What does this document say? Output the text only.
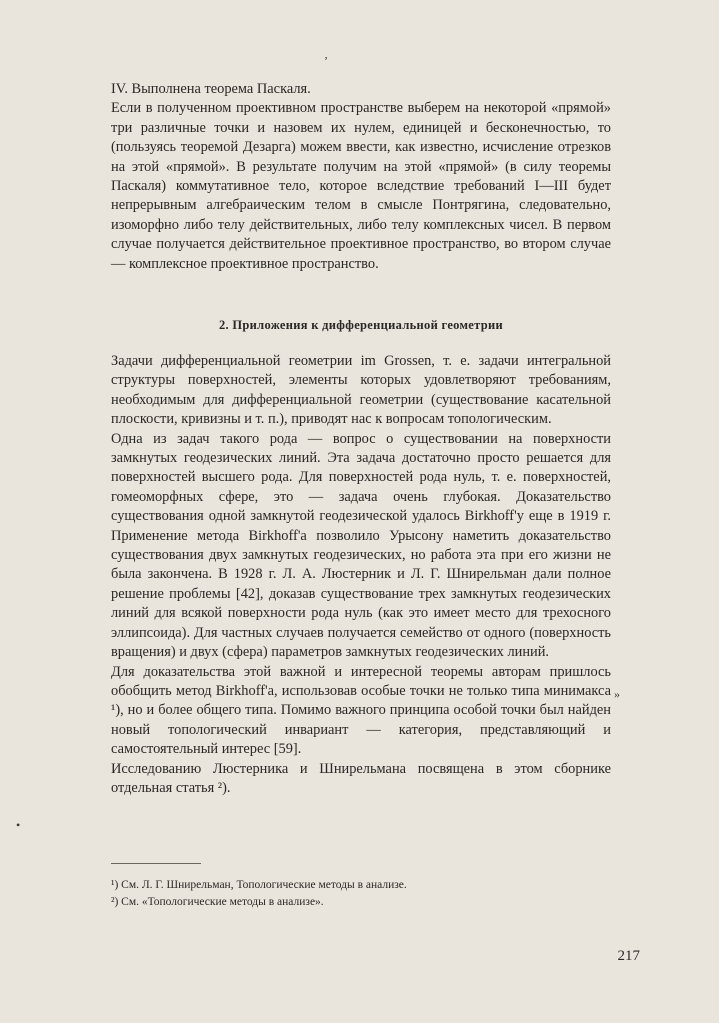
ʼ

IV. Выполнена теорема Паскаля.

Если в полученном проективном пространстве выберем на некоторой «прямой» три различные точки и назовем их нулем, единицей и бесконечностью, то (пользуясь теоремой Дезарга) можем ввести, как известно, исчисление отрезков на этой «прямой». В результате получим на этой «прямой» (в силу теоремы Паскаля) коммутативное тело, которое вследствие требований I—III будет непрерывным алгебраическим телом в смысле Понтрягина, следовательно, изоморфно либо телу действительных, либо телу комплексных чисел. В первом случае получается действительное проективное пространство, во втором случае — комплексное проективное пространство.

2. Приложения к дифференциальной геометрии

Задачи дифференциальной геометрии im Grossen, т. е. задачи интегральной структуры поверхностей, элементы которых удовлетворяют требованиям, необходимым для дифференциальной геометрии (существование касательной плоскости, кривизны и т. п.), приводят нас к вопросам топологическим.

Одна из задач такого рода — вопрос о существовании на поверхности замкнутых геодезических линий. Эта задача достаточно просто решается для поверхностей высшего рода. Для поверхностей рода нуль, т. е. поверхностей, гомеоморфных сфере, это — задача очень глубокая. Доказательство существования одной замкнутой геодезической удалось Birkhoff'у еще в 1919 г. Применение метода Birkhoff'а позволило Урысону наметить доказательство существования двух замкнутых геодезических, но работа эта при его жизни не была закончена. В 1928 г. Л. А. Люстерник и Л. Г. Шнирельман дали полное решение проблемы [42], доказав существование трех замкнутых геодезических линий для всякой поверхности рода нуль (как это имеет место для трехосного эллипсоида). Для частных случаев получается семейство от одного (поверхность вращения) и двух (сфера) параметров замкнутых геодезических линий.

Для доказательства этой важной и интересной теоремы авторам пришлось обобщить метод Birkhoff'а, использовав особые точки не только типа минимакса ¹), но и более общего типа. Помимо важного принципа особой точки был найден новый топологический инвариант — категория, представляющий и самостоятельный интерес [59].

Исследованию Люстерника и Шнирельмана посвящена в этом сборнике отдельная статья ²).

»
•

¹) См. Л. Г. Шнирельман, Топологические методы в анализе.

²) См. «Топологические методы в анализе».

217
